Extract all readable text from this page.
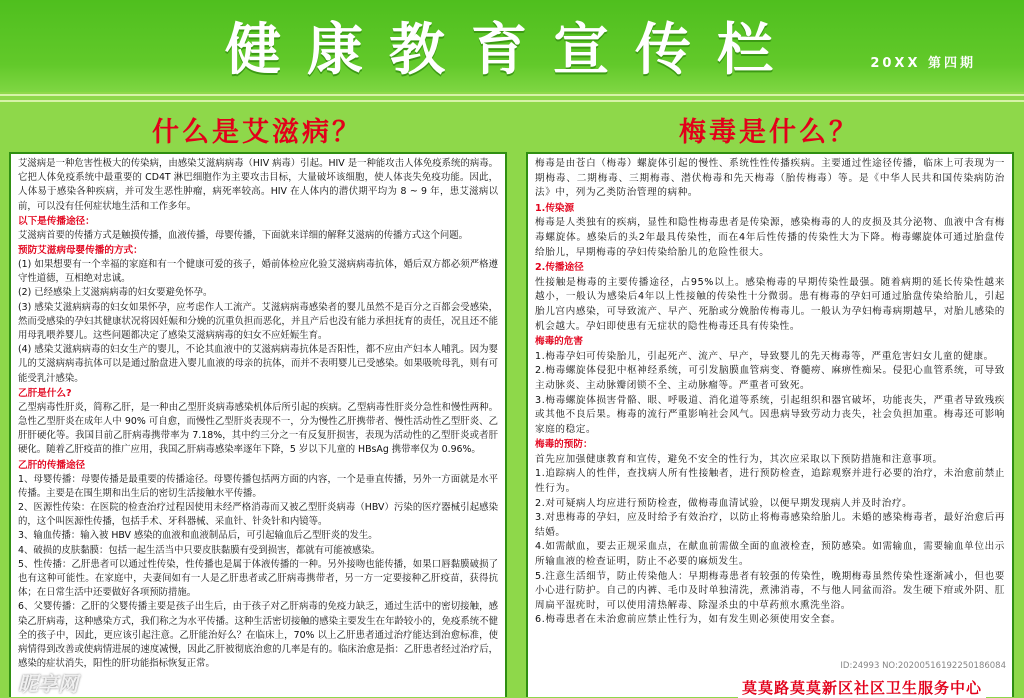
健康教育宣传栏	20XX 第四期
什么是艾滋病？	梅毒是什么？

艾滋病是一种危害性极大的传染病，由感染艾滋病病毒（HIV 病毒）引起。HIV 是一种能攻击人体免疫系统的病毒。它把人体免疫系统中最重要的 CD4T 淋巴细胞作为主要攻击目标，大量破坏该细胞，使人体丧失免疫功能。因此，人体易于感染各种疾病，并可发生恶性肿瘤，病死率较高。HIV 在人体内的潜伏期平均为 8 ~ 9 年，患艾滋病以前，可以没有任何症状地生活和工作多年。

以下是传播途径：

艾滋病首要的传播方式是触摸传播，血液传播，母婴传播，下面就来详细的解释艾滋病的传播方式这个问题。

预防艾滋病母婴传播的方式：

(1) 如果想要有一个幸福的家庭和有一个健康可爱的孩子，婚前体检应化验艾滋病病毒抗体，婚后双方都必须严格遵守性道德，互相绝对忠诚。

(2) 已经感染上艾滋病病毒的妇女要避免怀孕。

(3) 感染艾滋病病毒的妇女如果怀孕，应考虑作人工流产。艾滋病病毒感染者的婴儿虽然不是百分之百都会受感染，然而受感染的孕妇其健康状况将因妊娠和分娩的沉重负担而恶化，并且产后也没有能力承担抚育的责任，况且还不能用母乳喂养婴儿。这些问题都决定了感染艾滋病病毒的妇女不应妊娠生育。

(4) 感染艾滋病病毒的妇女生产的婴儿，不论其血液中的艾滋病病毒抗体是否阳性，都不应由产妇本人哺乳。因为婴儿的艾滋病病毒抗体可以是通过胎盘进入婴儿血液的母亲的抗体，而并不表明婴儿已受感染。如果吸吮母乳，则有可能受乳汁感染。

乙肝是什么?

乙型病毒性肝炎，简称乙肝，是一种由乙型肝炎病毒感染机体后所引起的疾病。乙型病毒性肝炎分急性和慢性两种。急性乙型肝炎在成年人中 90% 可自愈，而慢性乙型肝炎表现不一，分为慢性乙肝携带者、慢性活动性乙型肝炎、乙肝肝硬化等。我国目前乙肝病毒携带率为 7.18%，其中约三分之一有反复肝损害，表现为活动性的乙型肝炎或者肝硬化。随着乙肝疫苗的推广应用，我国乙肝病毒感染率逐年下降，5 岁以下儿童的 HBsAg 携带率仅为 0.96%。

乙肝的传播途径

1、母婴传播：母婴传播是最重要的传播途径。母婴传播包括两方面的内容，一个是垂直传播，另外一方面就是水平传播。主要是在围生期和出生后的密切生活接触水平传播。

2、医源性传染：在医院的检查治疗过程因使用未经严格消毒而又被乙型肝炎病毒（HBV）污染的医疗器械引起感染的，这个叫医源性传播，包括手术、牙科器械、采血针、针灸针和内镜等。

3、输血传播：输入被 HBV 感染的血液和血液制品后，可引起输血后乙型肝炎的发生。

4、破损的皮肤黏膜：包括一起生活当中只要皮肤黏膜有受到损害，都就有可能被感染。

5、性传播：乙肝患者可以通过性传染，性传播也是属于体液传播的一种。另外接吻也能传播，如果口唇黏膜破损了也有这种可能性。在家庭中，夫妻间如有一人是乙肝患者或乙肝病毒携带者，另一方一定要接种乙肝疫苗，获得抗体；在日常生活中还要做好各项预防措施。

6、父婴传播：乙肝的父婴传播主要是孩子出生后，由于孩子对乙肝病毒的免疫力缺乏，通过生活中的密切接触，感染乙肝病毒，这种感染方式，我们称之为水平传播。这种生活密切接触的感染主要发生在年龄较小的，免疫系统不健全的孩子中，因此，更应该引起注意。乙肝能治好么？在临床上，70% 以上乙肝患者通过治疗能达到治愈标准，使病情得到改善或使病情进展的速度减慢，因此乙肝被彻底治愈的几率是有的。临床治愈是指：乙肝患者经过治疗后，感染的症状消失，阳性的肝功能指标恢复正常。

梅毒是由苍白（梅毒）螺旋体引起的慢性、系统性性传播疾病。主要通过性途径传播，临床上可表现为一期梅毒、二期梅毒、三期梅毒、潜伏梅毒和先天梅毒（胎传梅毒）等。是《中华人民共和国传染病防治法》中，列为乙类防治管理的病种。

1.传染源

梅毒是人类独有的疾病，显性和隐性梅毒患者是传染源，感染梅毒的人的皮损及其分泌物、血液中含有梅毒螺旋体。感染后的头2年最具传染性，而在4年后性传播的传染性大为下降。梅毒螺旋体可通过胎盘传给胎儿，早期梅毒的孕妇传染给胎儿的危险性很大。

2.传播途径

性接触是梅毒的主要传播途径，占95%以上。感染梅毒的早期传染性最强。随着病期的延长传染性越来越小，一般认为感染后4年以上性接触的传染性十分微弱。患有梅毒的孕妇可通过胎盘传染给胎儿，引起胎儿宫内感染，可导致流产、早产、死胎或分娩胎传梅毒儿。一般认为孕妇梅毒病期越早，对胎儿感染的机会越大。孕妇即使患有无症状的隐性梅毒还具有传染性。

梅毒的危害

1.梅毒孕妇可传染胎儿，引起死产、流产、早产，导致婴儿的先天梅毒等，严重危害妇女儿童的健康。

2.梅毒螺旋体侵犯中枢神经系统，可引发脑膜血管病变、脊髓痨、麻痹性痴呆。侵犯心血管系统，可导致主动脉炎、主动脉瓣闭锁不全、主动脉瘤等。严重者可致死。

3.梅毒螺旋体损害骨骼、眼、呼吸道、消化道等系统，引起组织和器官破坏，功能丧失，严重者导致残疾或其他不良后果。梅毒的流行严重影响社会风气。因患病导致劳动力丧失，社会负担加重。梅毒还可影响家庭的稳定。

梅毒的预防：

首先应加强健康教育和宣传，避免不安全的性行为，其次应采取以下预防措施和注意事项。

1.追踪病人的性伴，查找病人所有性接触者，进行预防检查，追踪观察并进行必要的治疗，未治愈前禁止性行为。

2.对可疑病人均应进行预防检查，做梅毒血清试验，以便早期发现病人并及时治疗。

3.对患梅毒的孕妇，应及时给予有效治疗，以防止将梅毒感染给胎儿。未婚的感染梅毒者，最好治愈后再结婚。

4.如需献血，要去正规采血点，在献血前需做全面的血液检查，预防感染。如需输血，需要输血单位出示所输血液的检查证明，防止不必要的麻烦发生。

5.注意生活细节，防止传染他人：早期梅毒患者有较强的传染性，晚期梅毒虽然传染性逐渐减小，但也要小心进行防护。自己的内裤、毛巾及时单独清洗，煮沸消毒，不与他人同盆而浴。发生硬下疳或外阴、肛周扁平湿疣时，可以使用清热解毒、除湿杀虫的中草药煎水熏洗坐浴。

6.梅毒患者在未治愈前应禁止性行为，如有发生则必须使用安全套。

昵享网
ID:24993 NO:20200516192250186084
莫莫路莫莫新区社区卫生服务中心
